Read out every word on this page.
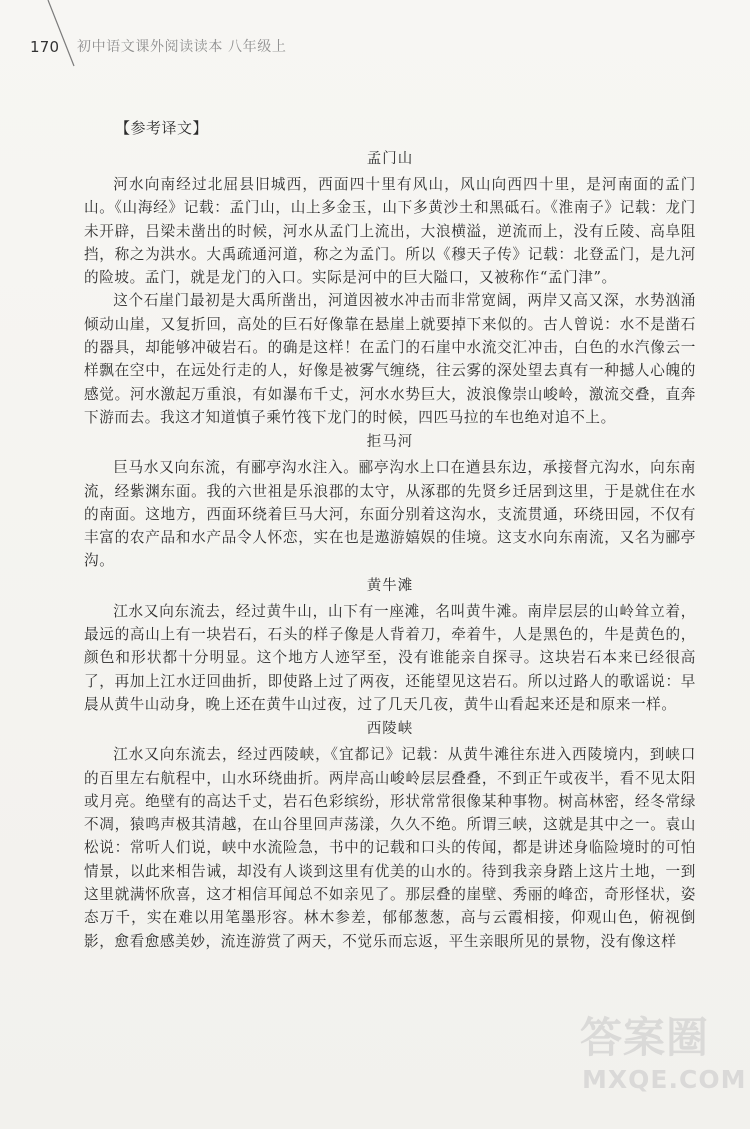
170 初中语文课外阅读读本 八年级上
【参考译文】
孟门山

河水向南经过北屈县旧城西，西面四十里有风山，风山向西四十里，是河南面的孟门山。《山海经》记载：孟门山，山上多金玉，山下多黄沙土和黑砥石。《淮南子》记载：龙门未开辟，吕梁未凿出的时候，河水从孟门上流出，大浪横溢，逆流而上，没有丘陵、高阜阻挡，称之为洪水。大禹疏通河道，称之为孟门。所以《穆天子传》记载：北登孟门，是九河的险坡。孟门，就是龙门的入口。实际是河中的巨大隘口，又被称作“孟门津”。

这个石崖门最初是大禹所凿出，河道因被水冲击而非常宽阔，两岸又高又深，水势汹涌倾动山崖，又复折回，高处的巨石好像靠在悬崖上就要掉下来似的。古人曾说：水不是凿石的器具，却能够冲破岩石。的确是这样！在孟门的石崖中水流交汇冲击，白色的水汽像云一样飘在空中，在远处行走的人，好像是被雾气缠绕，往云雾的深处望去真有一种撼人心魄的感觉。河水激起万重浪，有如瀑布千丈，河水水势巨大，波浪像崇山峻岭，激流交叠，直奔下游而去。我这才知道慎子乘竹筏下龙门的时候，四匹马拉的车也绝对追不上。

拒马河

巨马水又向东流，有郦亭沟水注入。郦亭沟水上口在遒县东边，承接督亢沟水，向东南流，经紫渊东面。我的六世祖是乐浪郡的太守，从涿郡的先贤乡迁居到这里，于是就住在水的南面。这地方，西面环绕着巨马大河，东面分别着这沟水，支流贯通，环绕田园，不仅有丰富的农产品和水产品令人怀恋，实在也是遨游嬉娱的佳境。这支水向东南流，又名为郦亭沟。

黄牛滩

江水又向东流去，经过黄牛山，山下有一座滩，名叫黄牛滩。南岸层层的山岭耸立着，最远的高山上有一块岩石，石头的样子像是人背着刀，牵着牛，人是黑色的，牛是黄色的，颜色和形状都十分明显。这个地方人迹罕至，没有谁能亲自探寻。这块岩石本来已经很高了，再加上江水迂回曲折，即使路上过了两夜，还能望见这岩石。所以过路人的歌谣说：早晨从黄牛山动身，晚上还在黄牛山过夜，过了几天几夜，黄牛山看起来还是和原来一样。

西陵峡

江水又向东流去，经过西陵峡，《宜都记》记载：从黄牛滩往东进入西陵境内，到峡口的百里左右航程中，山水环绕曲折。两岸高山峻岭层层叠叠，不到正午或夜半，看不见太阳或月亮。绝壁有的高达千丈，岩石色彩缤纷，形状常常很像某种事物。树高林密，经冬常绿不凋，猿鸣声极其清越，在山谷里回声荡漾，久久不绝。所谓三峡，这就是其中之一。袁山松说：常听人们说，峡中水流险急，书中的记载和口头的传闻，都是讲述身临险境时的可怕情景，以此来相告诫，却没有人谈到这里有优美的山水的。待到我亲身踏上这片土地，一到这里就满怀欣喜，这才相信耳闻总不如亲见了。那层叠的崖壁、秀丽的峰峦，奇形怪状，姿态万千，实在难以用笔墨形容。林木参差，郁郁葱葱，高与云霞相接，仰观山色，俯视倒影，愈看愈感美妙，流连游赏了两天，不觉乐而忘返，平生亲眼所见的景物，没有像这样

答案圈
MXQE.COM
